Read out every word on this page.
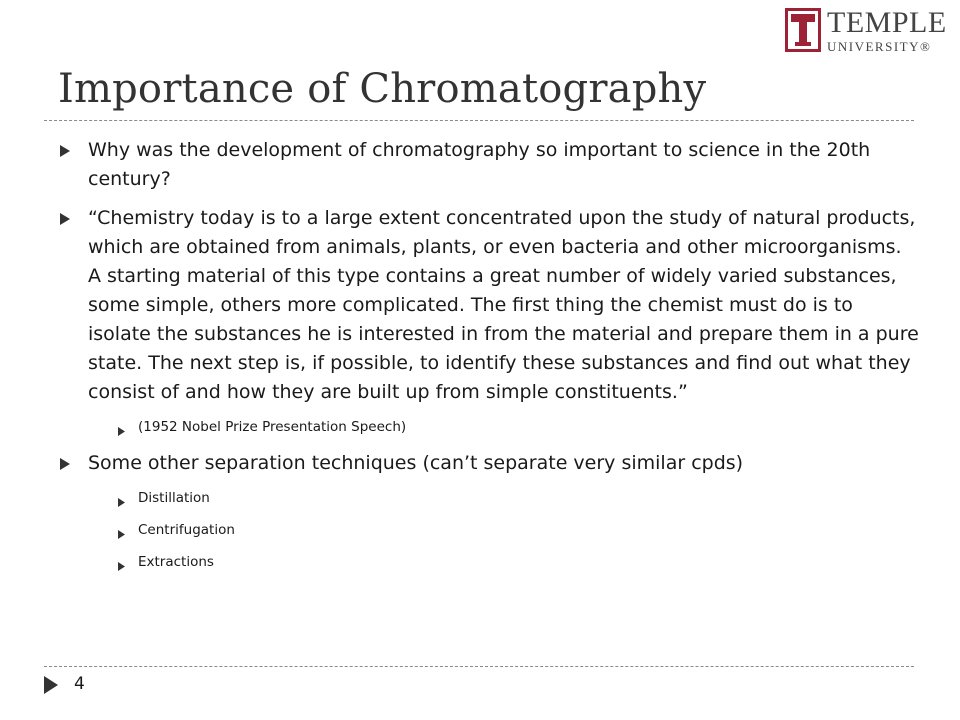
TEMPLE
UNIVERSITY®
Importance of Chromatography
Why was the development of chromatography so important to science in the 20th century?
“Chemistry today is to a large extent concentrated upon the study of natural products, which are obtained from animals, plants, or even bacteria and other microorganisms. A starting material of this type contains a great number of widely varied substances, some simple, others more complicated. The first thing the chemist must do is to isolate the substances he is interested in from the material and prepare them in a pure state. The next step is, if possible, to identify these substances and find out what they consist of and how they are built up from simple constituents.”
(1952 Nobel Prize Presentation Speech)
Some other separation techniques (can’t separate very similar cpds)
Distillation
Centrifugation
Extractions
4
